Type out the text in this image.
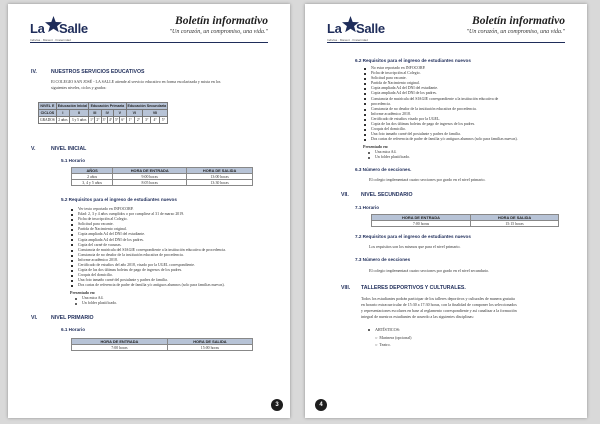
La Salle
Indivisa · Manent · Fraternidad
Boletín informativo
"Un corazón, un compromiso, una vida."
IV.	NUESTROS SERVICIOS EDUCATIVOS
El COLEGIO SAN JOSÉ - LA SALLE atiende al servicio educativo en forma escolarizada y mixta en los
siguientes niveles, ciclos y grados:
NIVEL E	Educación Inicial		Educación Primaria						Educación Secundaria				
CICLOS	I	II	III		IV		V		VI		VII		
GRADOS	2 años	3 y 5 años	1°	2°	3°	4°	5°	6°	1°	2°	3°	4°	5°
V.	NIVEL INICIAL
5.1 Horario
AÑOS	HORA DE ENTRADA	HORA DE SALIDA
2 años	9:00 horas	13:00 horas
3, 4 y 5 años	8:05 horas	13:30 horas
5.2 Requisitos para el ingreso de estudiantes nuevos
Ver texto reportado en INFOCORP.
Edad: 2, 3 y 4 años cumplidos o por cumplirse al 31 de marzo 2019.
Ficha de inscripción al Colegio.
Solicitud para vacante.
Partida de Nacimiento original.
Copia ampliada A4 del DNI del estudiante.
Copia ampliada A4 del DNI de los padres.
Copia del carné de vacunas.
Constancia de matrícula del SIAGIE correspondiente a la institución educativa de procedencia.
Constancia de no deudor de la institución educativa de procedencia.
Informe académico 2018.
Certificado de estudios del año 2018, visado por la UGEL correspondiente.
Copia de las dos últimas boletas de pago de ingresos de los padres.
Croquis del domicilio.
Una foto tamaño carné del postulante y padres de familia.
Dos cartas de referencia de padre de familia y/o antiguos alumnos (solo para familias nuevas).
Presentado en:
Una mica A4.
Un folder plastificado.
VI.	NIVEL PRIMARIO
6.1 Horario
HORA DE ENTRADA	HORA DE SALIDA
7:00 horas	15:00 horas
3
La Salle
Indivisa · Manent · Fraternidad
Boletín informativo
"Un corazón, un compromiso, una vida."
6.2 Requisitos para el ingreso de estudiantes nuevos
No estar reportado en INFOCORP.
Ficha de inscripción al Colegio.
Solicitud para vacante.
Partida de Nacimiento original.
Copia ampliada A4 del DNI del estudiante.
Copia ampliada A4 del DNI de los padres.
Constancia de matrícula del SIAGIE correspondiente a la institución educativa de
procedencia.
Constancia de no deudor de la institución educativa de procedencia.
Informe académico 2018.
Certificado de estudios visado por la UGEL.
Copia de las dos últimas boletas de pago de ingresos de los padres.
Croquis del domicilio.
Una foto tamaño carné del postulante y padres de familia.
Dos cartas de referencia de padre de familia y/o antiguos alumnos (solo para familias nuevas).
Presentado en:
Una mica A4.
Un folder plastificado.
6.3 Número de secciones.
El colegio implementará cuatro secciones por grado en el nivel primario.
VII. NIVEL SECUNDARIO
7.1 Horario
HORA DE ENTRADA	HORA DE SALIDA
7:00 horas	15:15 horas
7.2 Requisitos para el ingreso de estudiantes nuevos
Los requisitos son los mismos que para el nivel primario.
7.3 Número de secciones
El colegio implementará cuatro secciones por grado en el nivel secundario.
VIII. TALLERES DEPORTIVOS Y CULTURALES.
Todos los estudiantes podrán participar de los talleres deportivos y culturales de manera gratuita
en horario extracurricular de 15:30 a 17:30 horas, con la finalidad de componer los seleccionados
y representaciones escolares en base al reglamento correspondiente y así canalizar a la formación
integral de nuestros estudiantes de acuerdo a las siguientes disciplinas:
ARTÍSTICOS:
○  Marinera (opcional)
○  Teatro.
4
